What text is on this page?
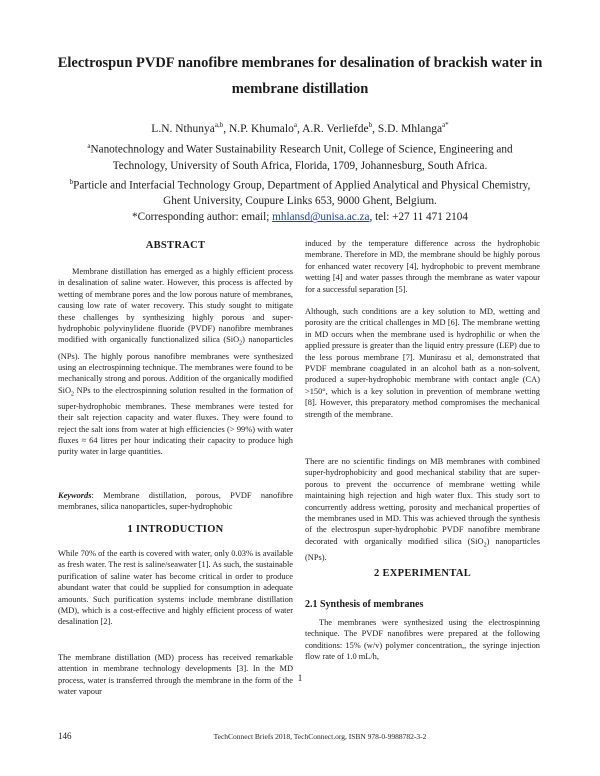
Electrospun PVDF nanofibre membranes for desalination of brackish water in membrane distillation
L.N. Nthunya$^{a,b}$, N.P. Khumalo$^a$, A.R. Verliefde$^b$, S.D. Mhlanga$^{a*}$
$^a$Nanotechnology and Water Sustainability Research Unit, College of Science, Engineering and Technology, University of South Africa, Florida, 1709, Johannesburg, South Africa.
$^b$Particle and Interfacial Technology Group, Department of Applied Analytical and Physical Chemistry, Ghent University, Coupure Links 653, 9000 Ghent, Belgium.
*Corresponding author: email; mhlansd@unisa.ac.za, tel: +27 11 471 2104
ABSTRACT
Membrane distillation has emerged as a highly efficient process in desalination of saline water. However, this process is affected by wetting of membrane pores and the low porous nature of membranes, causing low rate of water recovery. This study sought to mitigate these challenges by synthesizing highly porous and super-hydrophobic polyvinylidene fluoride (PVDF) nanofibre membranes modified with organically functionalized silica (SiO$_2$) nanoparticles (NPs). The highly porous nanofibre membranes were synthesized using an electrospinning technique. The membranes were found to be mechanically strong and porous. Addition of the organically modified SiO$_2$ NPs to the electrospinning solution resulted in the formation of super-hydrophobic membranes. These membranes were tested for their salt rejection capacity and water fluxes. They were found to reject the salt ions from water at high efficiencies (> 99%) with water fluxes ≈ 64 litres per hour indicating their capacity to produce high purity water in large quantities.
Keywords: Membrane distillation, porous, PVDF nanofibre membranes, silica nanoparticles, super-hydrophobic
1 INTRODUCTION
While 70% of the earth is covered with water, only 0.03% is available as fresh water. The rest is saline/seawater [1]. As such, the sustainable purification of saline water has become critical in order to produce abundant water that could be supplied for consumption in adequate amounts. Such purification systems include membrane distillation (MD), which is a cost-effective and highly efficient process of water desalination [2].
The membrane distillation (MD) process has received remarkable attention in membrane technology developments [3]. In the MD process, water is transferred through the membrane in the form of the water vapour
induced by the temperature difference across the hydrophobic membrane. Therefore in MD, the membrane should be highly porous for enhanced water recovery [4], hydrophobic to prevent membrane wetting [4] and water passes through the membrane as water vapour for a successful separation [5].
Although, such conditions are a key solution to MD, wetting and porosity are the critical challenges in MD [6]. The membrane wetting in MD occurs when the membrane used is hydrophilic or when the applied pressure is greater than the liquid entry pressure (LEP) due to the less porous membrane [7]. Munirasu et al, demonstrated that PVDF membrane coagulated in an alcohol bath as a non-solvent, produced a super-hydrophobic membrane with contact angle (CA) >150°, which is a key solution in prevention of membrane wetting [8]. However, this preparatory method compromises the mechanical strength of the membrane.
There are no scientific findings on MB membranes with combined super-hydrophobicity and good mechanical stability that are super-porous to prevent the occurrence of membrane wetting while maintaining high rejection and high water flux. This study sort to concurrently address wetting, porosity and mechanical properties of the membranes used in MD. This was achieved through the synthesis of the electrospun super-hydrophobic PVDF nanofibre membrane decorated with organically modified silica (SiO$_2$) nanoparticles (NPs).
2 EXPERIMENTAL
2.1 Synthesis of membranes
The membranes were synthesized using the electrospinning technique. The PVDF nanofibres were prepared at the following conditions: 15% (w/v) polymer concentration,, the syringe injection flow rate of 1.0 mL/h,
1
146	TechConnect Briefs 2018, TechConnect.org, ISBN 978-0-9988782-3-2
